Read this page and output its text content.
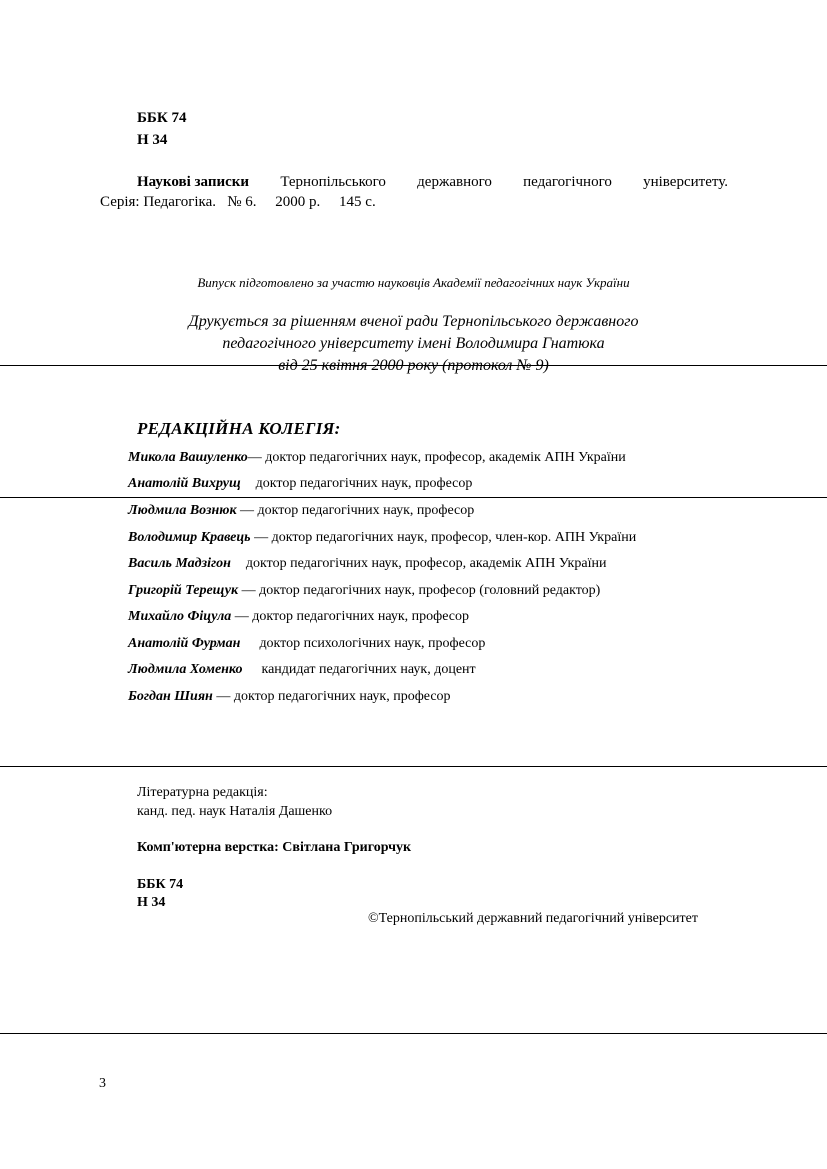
ББК 74
Н 34
Наукові записки Тернопільського державного педагогічного університету.
Серія: Педагогіка.   № 6.     2000 р.     145 с.
Випуск підготовлено за участю науковців Академії педагогічних наук України
Друкується за рішенням вченої ради Тернопільського державного
педагогічного університету імені Володимира Гнатюка
від 25 квітня 2000 року (протокол № 9)
РЕДАКЦІЙНА КОЛЕГІЯ:
Микола Вашуленко— доктор педагогічних наук, професор, академік АПН України
Анатолій Вихрущ  доктор педагогічних наук, професор
Людмила Вознюк — доктор педагогічних наук, професор
Володимир Кравець — доктор педагогічних наук, професор, член-кор. АПН України
Василь Мадзігон  доктор педагогічних наук, професор, академік АПН України
Григорій Терещук — доктор педагогічних наук, професор (головний редактор)
Михайло Фіцула — доктор педагогічних наук, професор
Анатолій Фурман  доктор психологічних наук, професор
Людмила Хоменко  кандидат педагогічних наук, доцент
Богдан Шиян — доктор педагогічних наук, професор
Літературна редакція:
канд. пед. наук Наталія Дашенко
Комп'ютерна верстка: Світлана Григорчук
ББК 74
Н 34
©Тернопільський державний педагогічний університет
3
